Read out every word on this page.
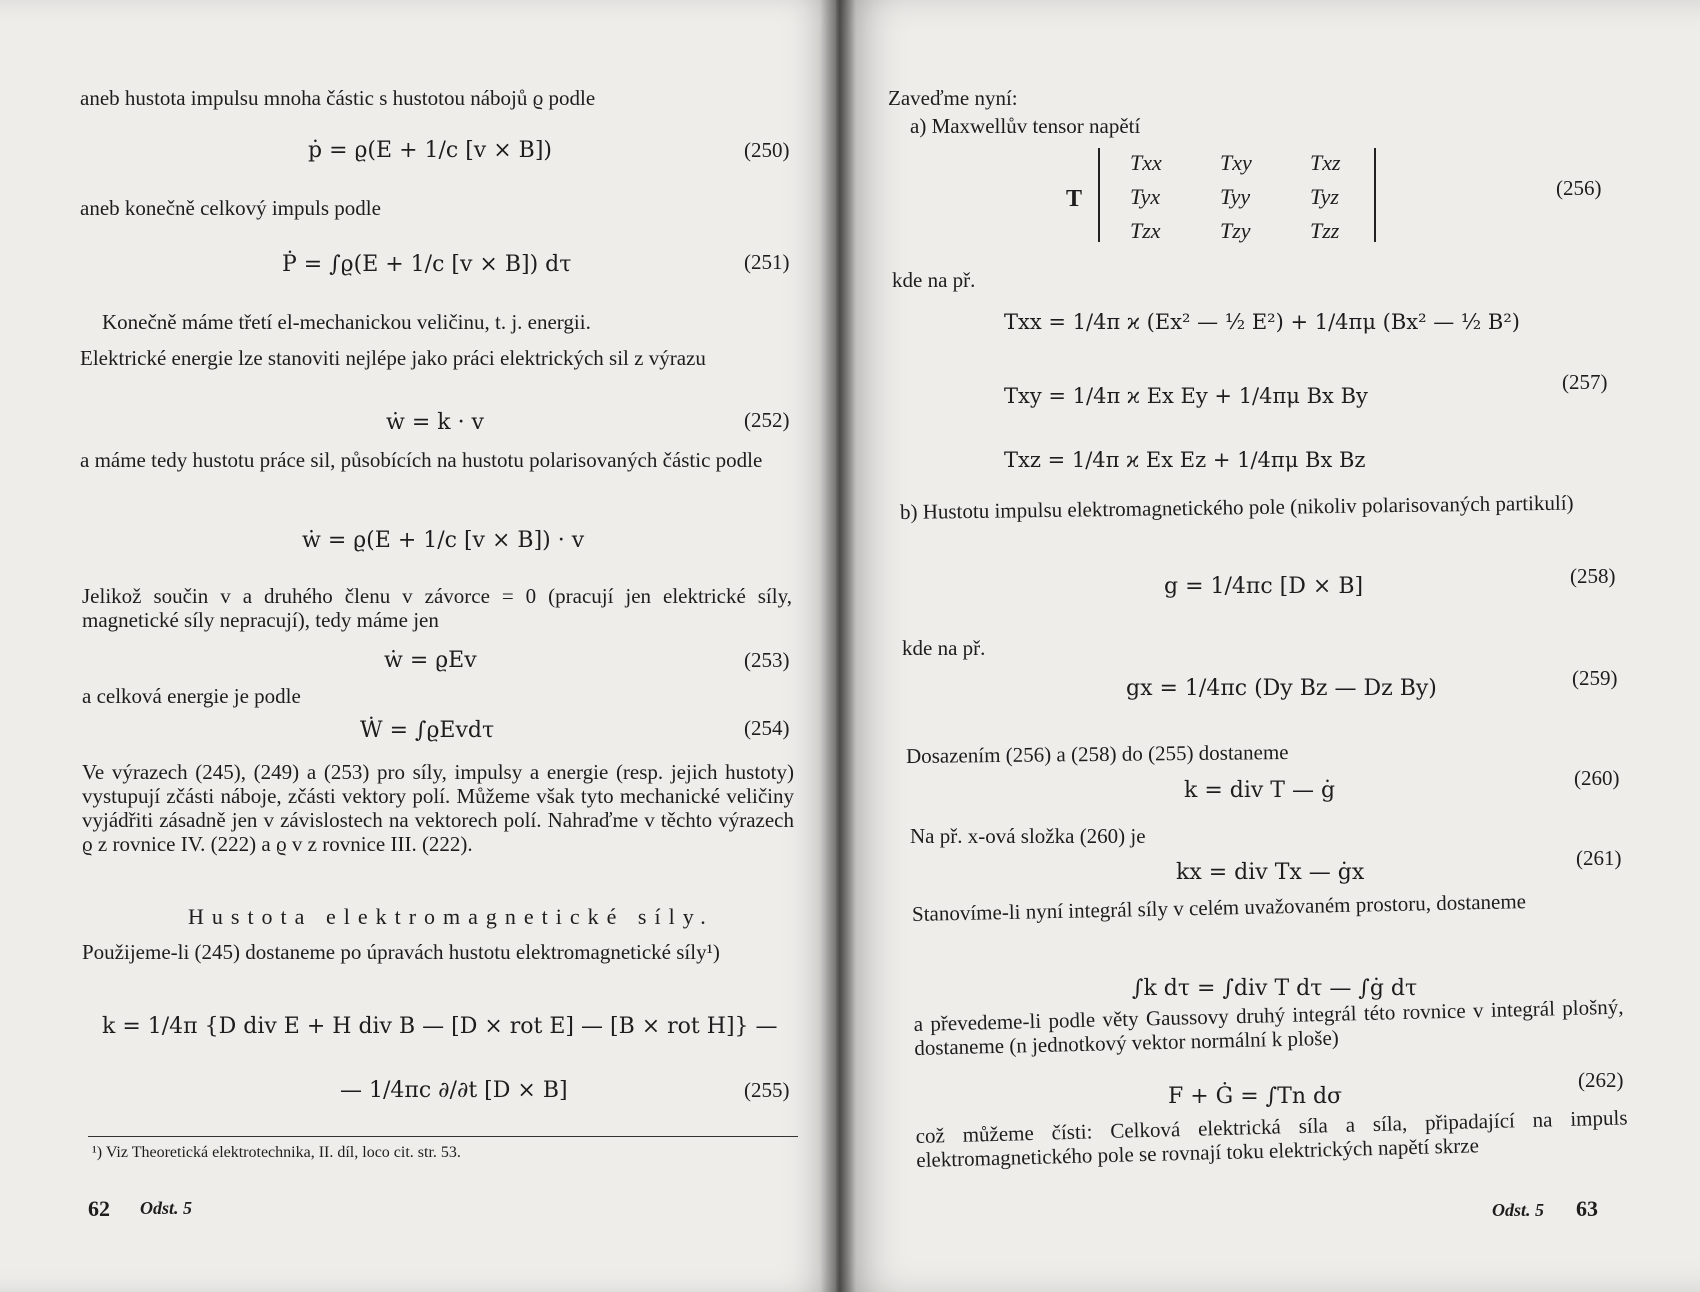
aneb hustota impulsu mnoha částic s hustotou nábojů ϱ podle
ṗ = ϱ(E + 1/c [v × B])	(250)
aneb konečně celkový impuls podle
Ṗ = ∫ϱ(E + 1/c [v × B]) dτ	(251)
Konečně máme třetí el-mechanickou veličinu, t. j. energii.
Elektrické energie lze stanoviti nejlépe jako práci elektrických sil z výrazu
ẇ = k · v	(252)
a máme tedy hustotu práce sil, působících na hustotu polarisovaných částic podle
ẇ = ϱ(E + 1/c [v × B]) · v
Jelikož součin v a druhého členu v závorce = 0 (pracují jen elektrické síly, magnetické síly nepracují), tedy máme jen
ẇ = ϱEv	(253)
a celková energie je podle
Ẇ = ∫ϱEvdτ	(254)
Ve výrazech (245), (249) a (253) pro síly, impulsy a energie (resp. jejich hustoty) vystupují zčásti náboje, zčásti vektory polí. Můžeme však tyto mechanické veličiny vyjádřiti zásadně jen v závislostech na vektorech polí. Nahraďme v těchto výrazech ϱ z rovnice IV. (222) a ϱ v z rovnice III. (222).
Hustota elektromagnetické síly.
Použijeme-li (245) dostaneme po úpravách hustotu elektromagnetické síly¹)
k = 1/4π {D div E + H div B — [D × rot E] — [B × rot H]} —
— 1/4πc ∂/∂t [D × B]	(255)
¹) Viz Theoretická elektrotechnika, II. díl, loco cit. str. 53.
62 Odst. 5
Zaveďme nyní:
a) Maxwellův tensor napětí
T
Txx	Txy	Txz
Tyx	Tyy	Tyz
Tzx	Tzy	Tzz
(256)
kde na př.
Txx = 1/4π ϰ (Ex² — ½ E²) + 1/4πμ (Bx² — ½ B²)
Txy = 1/4π ϰ Ex Ey + 1/4πμ Bx By
Txz = 1/4π ϰ Ex Ez + 1/4πμ Bx Bz
(257)
b) Hustotu impulsu elektromagnetického pole (nikoliv polarisovaných partikulí)
g = 1/4πc [D × B]	(258)
kde na př.
gx = 1/4πc (Dy Bz — Dz By)	(259)
Dosazením (256) a (258) do (255) dostaneme
k = div T — ġ	(260)
Na př. x-ová složka (260) je
kx = div Tx — ġx
(261)
Stanovíme-li nyní integrál síly v celém uvažovaném prostoru, dostaneme
∫k dτ = ∫div T dτ — ∫ġ dτ
a převedeme-li podle věty Gaussovy druhý integrál této rovnice v integrál plošný, dostaneme (n jednotkový vektor normální k ploše)
F + Ġ = ∫Tn dσ
(262)
což můžeme čísti: Celková elektrická síla a síla, připadající na impuls elektromagnetického pole se rovnají toku elektrických napětí skrze
Odst. 5 63
